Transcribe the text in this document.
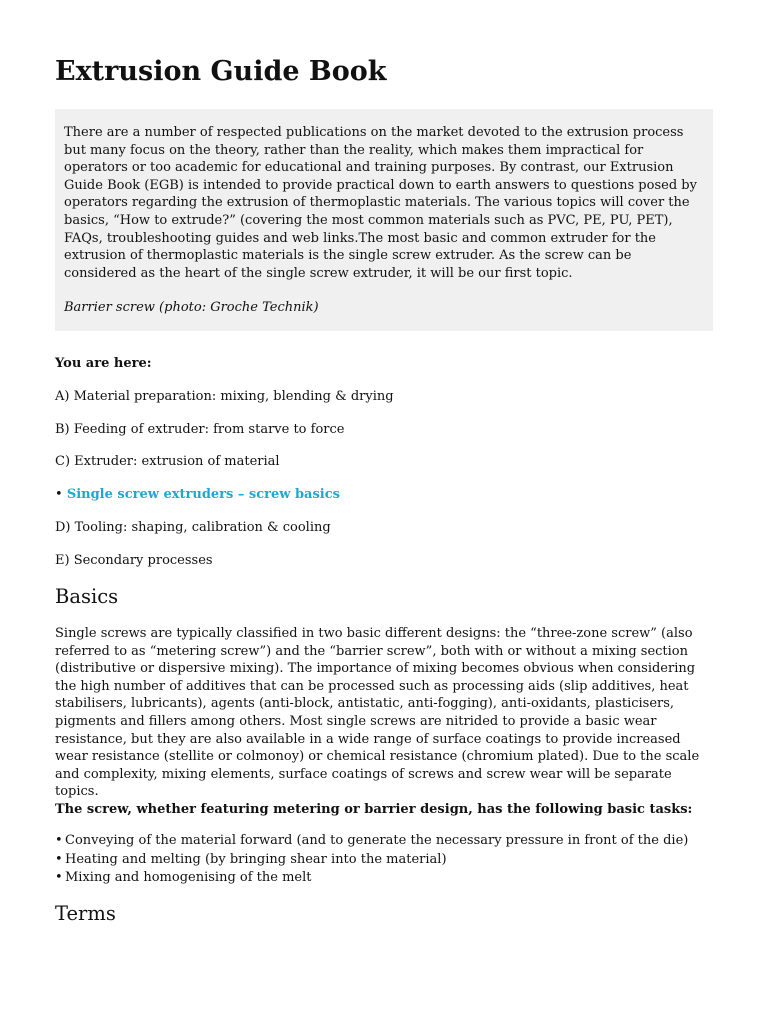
Extrusion Guide Book

There are a number of respected publications on the market devoted to the extrusion process but many focus on the theory, rather than the reality, which makes them impractical for operators or too academic for educational and training purposes. By contrast, our Extrusion Guide Book (EGB) is intended to provide practical down to earth answers to questions posed by operators regarding the extrusion of thermoplastic materials. The various topics will cover the basics, “How to extrude?” (covering the most common materials such as PVC, PE, PU, PET), FAQs, troubleshooting guides and web links.The most basic and common extruder for the extrusion of thermoplastic materials is the single screw extruder. As the screw can be considered as the heart of the single screw extruder, it will be our first topic.

Barrier screw (photo: Groche Technik)

You are here:

A) Material preparation: mixing, blending & drying

B) Feeding of extruder: from starve to force

C) Extruder: extrusion of material

• Single screw extruders – screw basics

D) Tooling: shaping, calibration & cooling

E) Secondary processes

Basics

Single screws are typically classified in two basic different designs: the “three-zone screw” (also referred to as “metering screw”) and the “barrier screw”, both with or without a mixing section (distributive or dispersive mixing). The importance of mixing becomes obvious when considering the high number of additives that can be processed such as processing aids (slip additives, heat stabilisers, lubricants), agents (anti-block, antistatic, anti-fogging), anti-oxidants, plasticisers, pigments and fillers among others. Most single screws are nitrided to provide a basic wear resistance, but they are also available in a wide range of surface coatings to provide increased wear resistance (stellite or colmonoy) or chemical resistance (chromium plated). Due to the scale and complexity, mixing elements, surface coatings of screws and screw wear will be separate topics.

The screw, whether featuring metering or barrier design, has the following basic tasks:

• Conveying of the material forward (and to generate the necessary pressure in front of the die)
• Heating and melting (by bringing shear into the material)
• Mixing and homogenising of the melt
Terms
